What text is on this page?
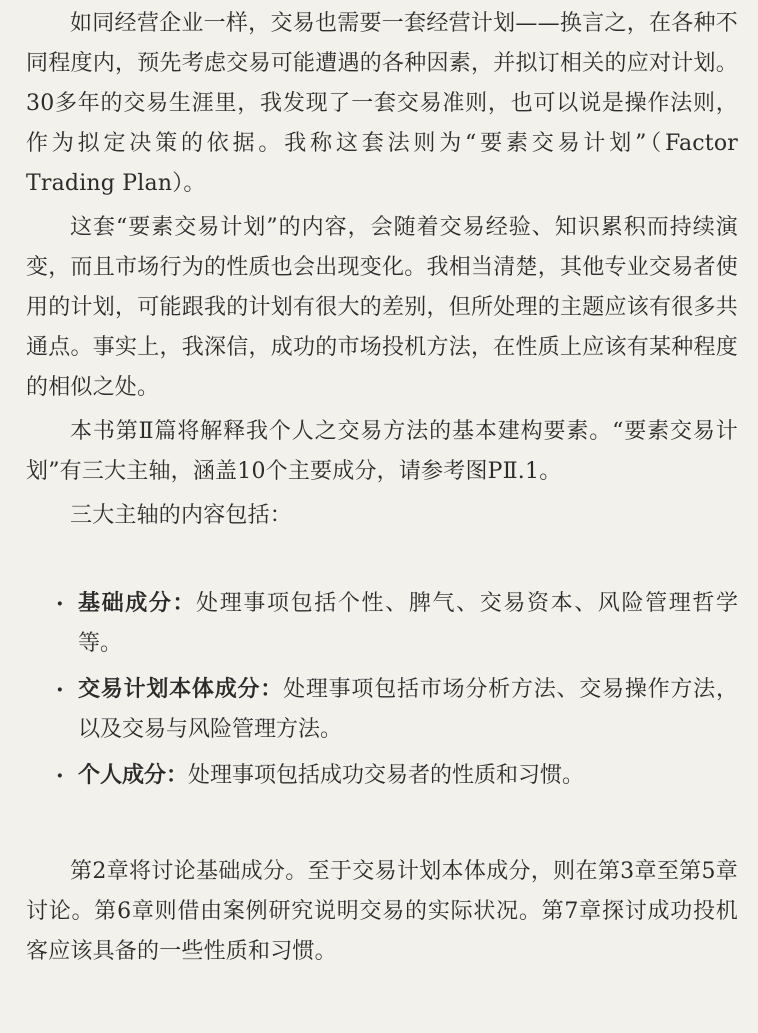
如同经营企业一样，交易也需要一套经营计划——换言之，在各种不同程度内，预先考虑交易可能遭遇的各种因素，并拟订相关的应对计划。30多年的交易生涯里，我发现了一套交易准则，也可以说是操作法则，作为拟定决策的依据。我称这套法则为“要素交易计划”（Factor Trading Plan）。

这套“要素交易计划”的内容，会随着交易经验、知识累积而持续演变，而且市场行为的性质也会出现变化。我相当清楚，其他专业交易者使用的计划，可能跟我的计划有很大的差别，但所处理的主题应该有很多共通点。事实上，我深信，成功的市场投机方法，在性质上应该有某种程度的相似之处。

本书第Ⅱ篇将解释我个人之交易方法的基本建构要素。“要素交易计划”有三大主轴，涵盖10个主要成分，请参考图PⅡ.1。

三大主轴的内容包括：

· 基础成分：处理事项包括个性、脾气、交易资本、风险管理哲学等。
· 交易计划本体成分：处理事项包括市场分析方法、交易操作方法，以及交易与风险管理方法。
· 个人成分：处理事项包括成功交易者的性质和习惯。

第2章将讨论基础成分。至于交易计划本体成分，则在第3章至第5章讨论。第6章则借由案例研究说明交易的实际状况。第7章探讨成功投机客应该具备的一些性质和习惯。
